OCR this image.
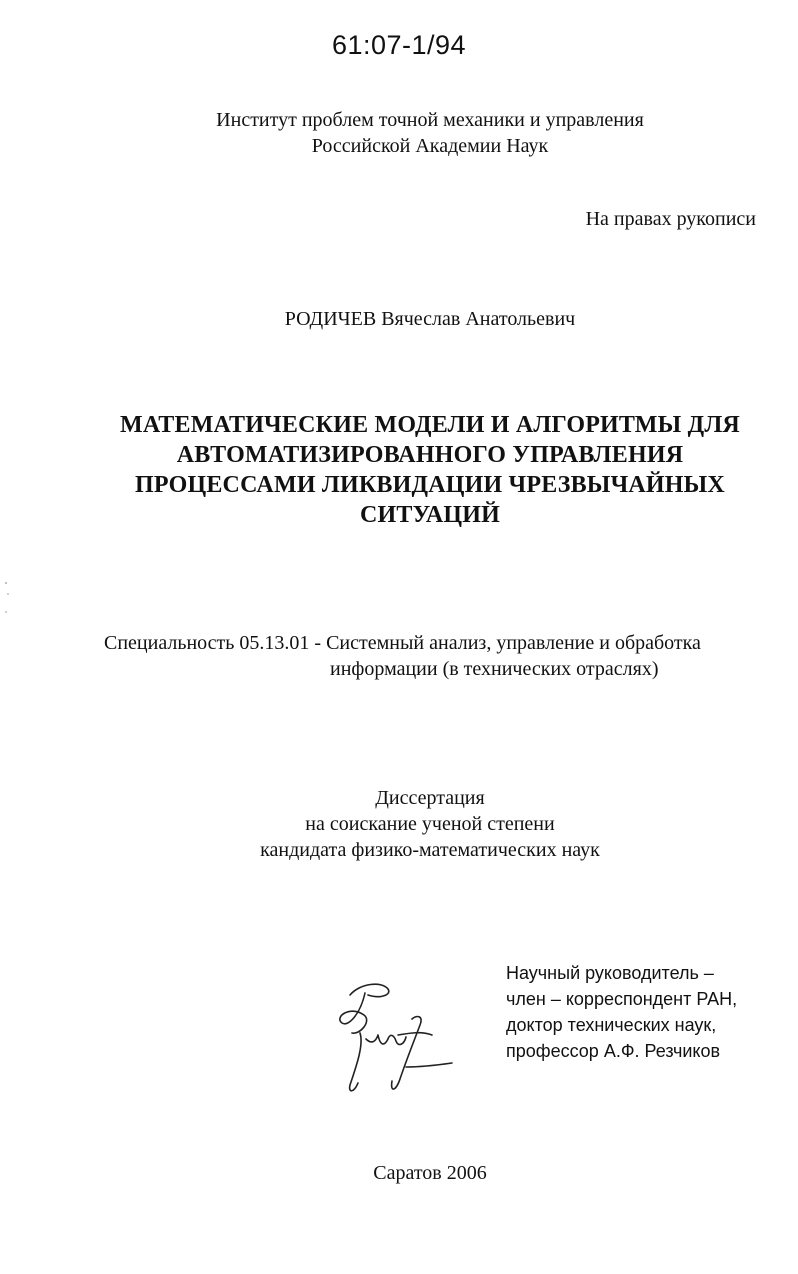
61:07-1/94
Институт проблем точной механики и управления
Российской Академии Наук
На правах рукописи
РОДИЧЕВ Вячеслав Анатольевич
МАТЕМАТИЧЕСКИЕ МОДЕЛИ И АЛГОРИТМЫ ДЛЯ
АВТОМАТИЗИРОВАННОГО УПРАВЛЕНИЯ
ПРОЦЕССАМИ ЛИКВИДАЦИИ ЧРЕЗВЫЧАЙНЫХ
СИТУАЦИЙ
Специальность 05.13.01 - Системный анализ, управление и обработка
информации (в технических отраслях)
Диссертация
на соискание ученой степени
кандидата физико-математических наук
Научный руководитель –
член – корреспондент РАН,
доктор технических наук,
профессор А.Ф. Резчиков
Саратов 2006
